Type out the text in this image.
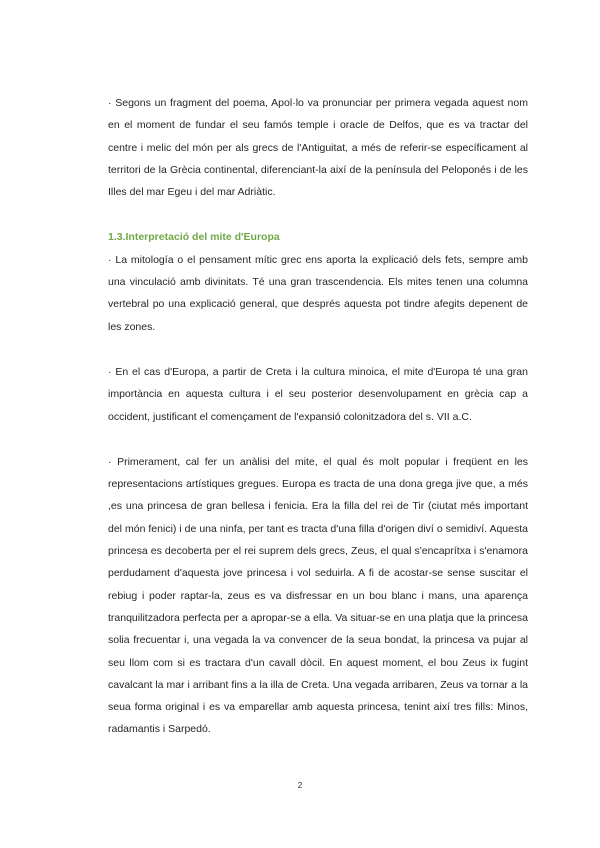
· Segons un fragment del poema, Apol·lo va pronunciar per primera vegada aquest nom en el moment de fundar el seu famós temple i oracle de Delfos, que es va tractar del centre i melic del món per als grecs de l'Antiguitat, a més de referir-se específicament al territori de la Grècia continental, diferenciant-la així de la península del Peloponés i de les Illes del mar Egeu i del mar Adriàtic.

1.3.Interpretació del mite d'Europa

· La mitología o el pensament mític grec ens aporta la explicació dels fets, sempre amb una vinculació amb divinitats. Té una gran trascendencia. Els mites tenen una columna vertebral po una explicació general, que després aquesta pot tindre afegits depenent de les zones.

· En el cas d'Europa, a partir de Creta i la cultura minoica, el mite d'Europa té una gran importància en aquesta cultura i el seu posterior desenvolupament en grècia cap a occident, justificant el començament de l'expansió colonitzadora del s. VII a.C.

· Primerament, cal fer un anàlisi del mite, el qual és molt popular i freqüent en les representacions artístiques gregues. Europa es tracta de una dona grega jive que, a més ,es una princesa de gran bellesa i fenicia. Era la filla del rei de Tir (ciutat més important del món fenici) i de una ninfa, per tant es tracta d'una filla d'origen diví o semidiví. Aquesta princesa es decoberta per el rei suprem dels grecs, Zeus, el qual s'encaprítxa i s'enamora perdudament d'aquesta jove princesa i vol seduirla. A fi de acostar-se sense suscitar el rebiug i poder raptar-la, zeus es va disfressar en un bou blanc i mans, una aparença tranquilitzadora perfecta per a apropar-se a ella. Va situar-se en una platja que la princesa solia frecuentar i, una vegada la va convencer de la seua bondat, la princesa va pujar al seu llom com si es tractara d'un cavall dòcil. En aquest moment, el bou Zeus ix fugint cavalcant la mar i arribant fins a la illa de Creta. Una vegada arribaren, Zeus va tornar a la seua forma original i es va emparellar amb aquesta princesa, tenint així tres fills: Minos, radamantis i Sarpedó.

2
